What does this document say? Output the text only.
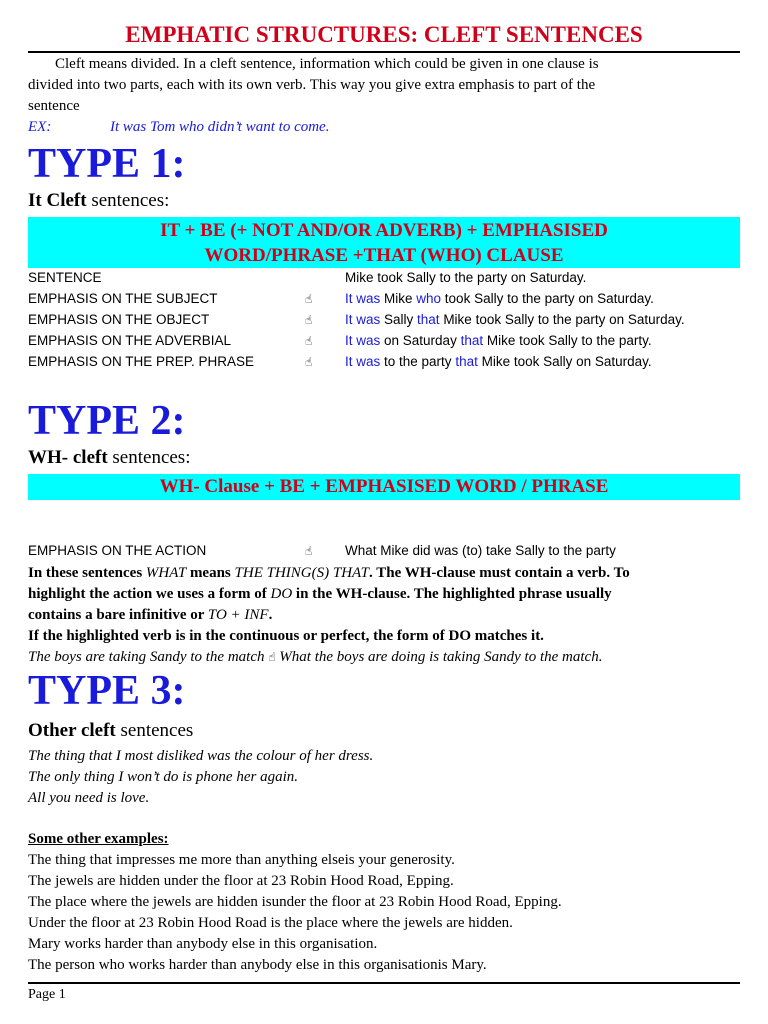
EMPHATIC STRUCTURES: CLEFT SENTENCES
Cleft means divided. In a cleft sentence, information which could be given in one clause is
divided into two parts, each with its own verb. This way you give extra emphasis to part of the
sentence
EX:	It was Tom who didn’t want to come.
TYPE 1:
It Cleft sentences:
IT + BE (+ NOT AND/OR ADVERB) + EMPHASISED
WORD/PHRASE +THAT (WHO) CLAUSE
SENTENCE	Mike took Sally to the party on Saturday.
EMPHASIS ON THE SUBJECT	☝ It was Mike who took Sally to the party on Saturday.
EMPHASIS ON THE OBJECT	☝ It was Sally that Mike took Sally to the party on Saturday.
EMPHASIS ON THE ADVERBIAL	☝ It was on Saturday that Mike took Sally to the party.
EMPHASIS ON THE PREP. PHRASE	☝ It was to the party that Mike took Sally on Saturday.
TYPE 2:
WH- cleft sentences:
WH- Clause + BE + EMPHASISED WORD / PHRASE
EMPHASIS ON THE ACTION	☝ What Mike did was (to) take Sally to the party
In these sentences WHAT means THE THING(S) THAT. The WH-clause must contain a verb. To
highlight the action we uses a form of DO in the WH-clause. The highlighted phrase usually
contains a bare infinitive or TO + INF.
If the highlighted verb is in the continuous or perfect, the form of DO matches it.
The boys are taking Sandy to the match ☝ What the boys are doing is taking Sandy to the match.
TYPE 3:
Other cleft sentences
The thing that I most disliked was the colour of her dress.
The only thing I won’t do is phone her again.
All you need is love.
Some other examples:
The thing that impresses me more than anything elseis your generosity.
The jewels are hidden under the floor at 23 Robin Hood Road, Epping.
The place where the jewels are hidden isunder the floor at 23 Robin Hood Road, Epping.
Under the floor at 23 Robin Hood Road is the place where the jewels are hidden.
Mary works harder than anybody else in this organisation.
The person who works harder than anybody else in this organisationis Mary.
Page 1
